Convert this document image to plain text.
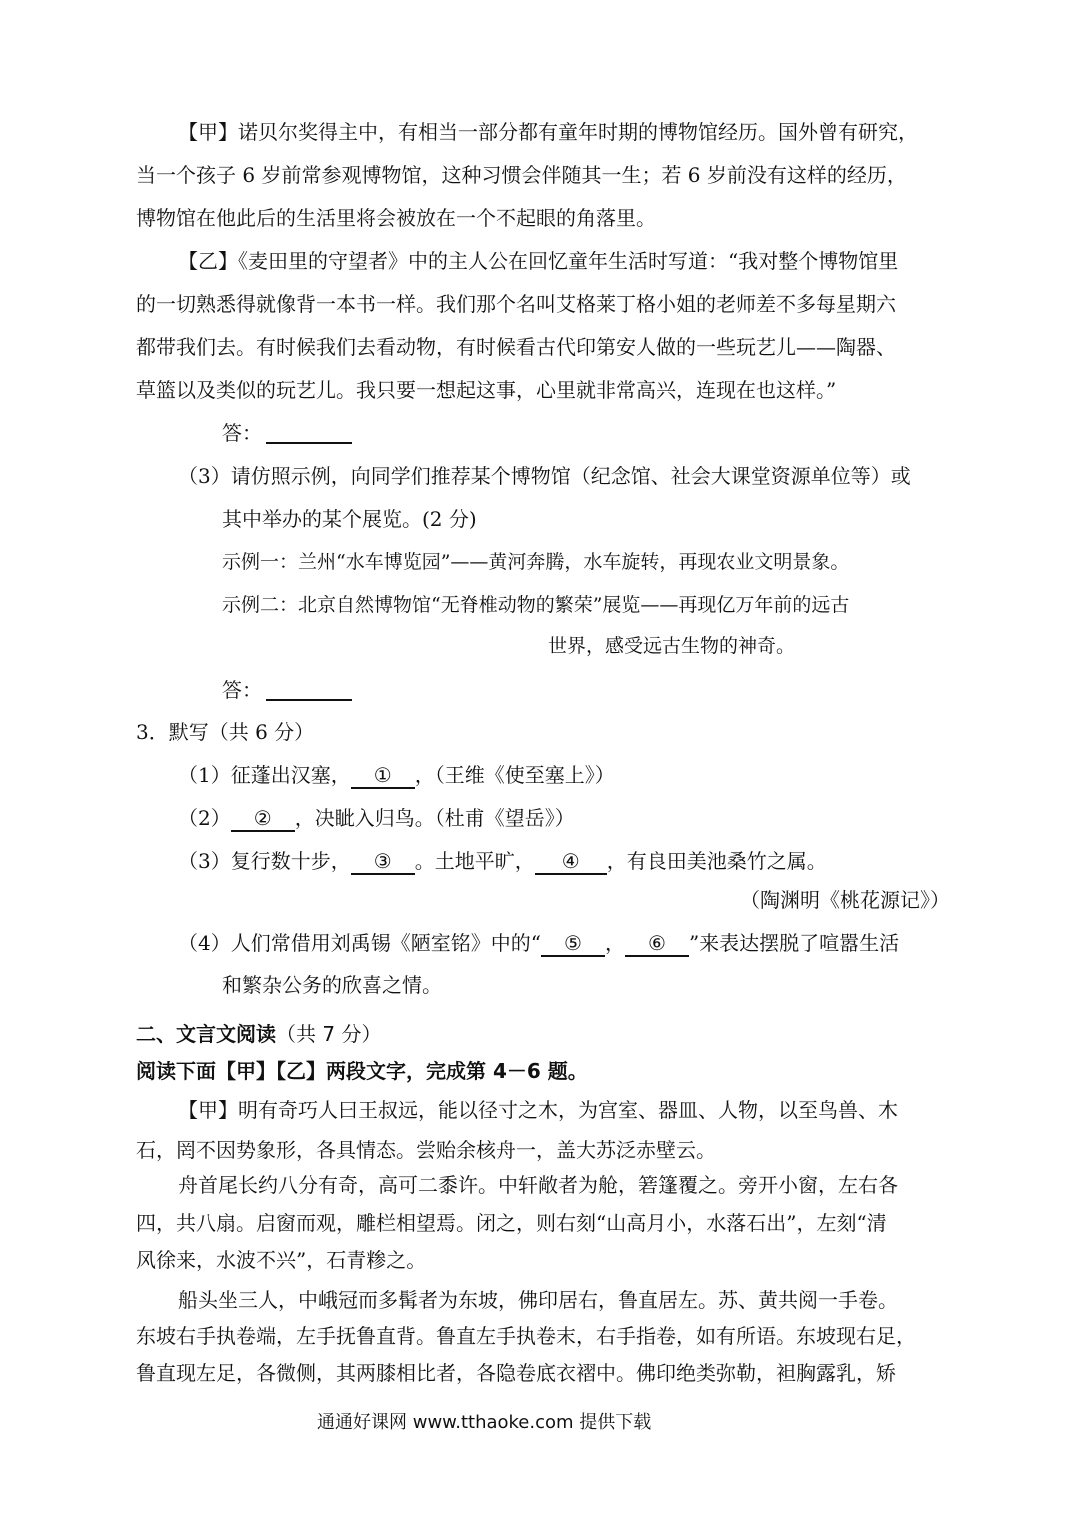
【甲】诺贝尔奖得主中，有相当一部分都有童年时期的博物馆经历。国外曾有研究，
当一个孩子 6 岁前常参观博物馆，这种习惯会伴随其一生；若 6 岁前没有这样的经历，
博物馆在他此后的生活里将会被放在一个不起眼的角落里。
【乙】《麦田里的守望者》中的主人公在回忆童年生活时写道：“我对整个博物馆里
的一切熟悉得就像背一本书一样。我们那个名叫艾格莱丁格小姐的老师差不多每星期六
都带我们去。有时候我们去看动物，有时候看古代印第安人做的一些玩艺儿——陶器、
草篮以及类似的玩艺儿。我只要一想起这事，心里就非常高兴，连现在也这样。”
答：
（3）请仿照示例，向同学们推荐某个博物馆（纪念馆、社会大课堂资源单位等）或
其中举办的某个展览。(2 分)
示例一：兰州“水车博览园”——黄河奔腾，水车旋转，再现农业文明景象。
示例二：北京自然博物馆“无脊椎动物的繁荣”展览——再现亿万年前的远古
世界，感受远古生物的神奇。
答：
3．默写（共 6 分）
（1）征蓬出汉塞， ① ，（王维《使至塞上》）
（2） ② ，决眦入归鸟。（杜甫《望岳》）
（3）复行数十步， ③ 。土地平旷， ④ ，有良田美池桑竹之属。
（陶渊明《桃花源记》）
（4）人们常借用刘禹锡《陋室铭》中的“ ⑤ ， ⑥ ”来表达摆脱了喧嚣生活
和繁杂公务的欣喜之情。
二、文言文阅读（共 7 分）
阅读下面【甲】【乙】两段文字，完成第 4－6 题。
【甲】明有奇巧人曰王叔远，能以径寸之木，为宫室、器皿、人物，以至鸟兽、木
石，罔不因势象形，各具情态。尝贻余核舟一，盖大苏泛赤壁云。
舟首尾长约八分有奇，高可二黍许。中轩敞者为舱，箬篷覆之。旁开小窗，左右各
四，共八扇。启窗而观，雕栏相望焉。闭之，则右刻“山高月小，水落石出”，左刻“清
风徐来，水波不兴”，石青糁之。
船头坐三人，中峨冠而多髯者为东坡，佛印居右，鲁直居左。苏、黄共阅一手卷。
东坡右手执卷端，左手抚鲁直背。鲁直左手执卷末，右手指卷，如有所语。东坡现右足，
鲁直现左足，各微侧，其两膝相比者，各隐卷底衣褶中。佛印绝类弥勒，袒胸露乳，矫
通通好课网 www.tthaoke.com 提供下载
